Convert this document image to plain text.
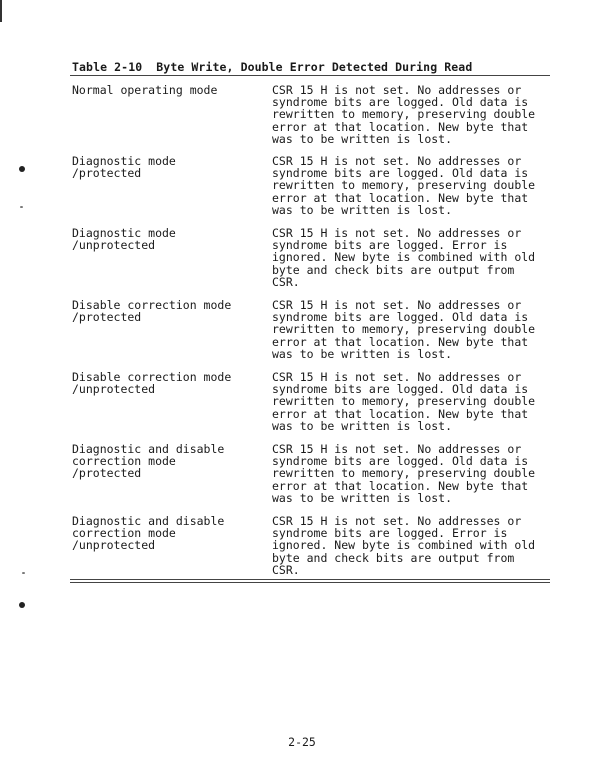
Table 2-10  Byte Write, Double Error Detected During Read
Normal operating mode	CSR 15 H is not set. No addresses or
syndrome bits are logged. Old data is
rewritten to memory, preserving double
error at that location. New byte that
was to be written is lost.
Diagnostic mode
/protected
CSR 15 H is not set. No addresses or
syndrome bits are logged. Old data is
rewritten to memory, preserving double
error at that location. New byte that
was to be written is lost.
Diagnostic mode
/unprotected
CSR 15 H is not set. No addresses or
syndrome bits are logged. Error is
ignored. New byte is combined with old
byte and check bits are output from
CSR.
Disable correction mode
/protected
CSR 15 H is not set. No addresses or
syndrome bits are logged. Old data is
rewritten to memory, preserving double
error at that location. New byte that
was to be written is lost.
Disable correction mode
/unprotected
CSR 15 H is not set. No addresses or
syndrome bits are logged. Old data is
rewritten to memory, preserving double
error at that location. New byte that
was to be written is lost.
Diagnostic and disable
correction mode
/protected
CSR 15 H is not set. No addresses or
syndrome bits are logged. Old data is
rewritten to memory, preserving double
error at that location. New byte that
was to be written is lost.
Diagnostic and disable
correction mode
/unprotected
CSR 15 H is not set. No addresses or
syndrome bits are logged. Error is
ignored. New byte is combined with old
byte and check bits are output from
CSR.
2-25
